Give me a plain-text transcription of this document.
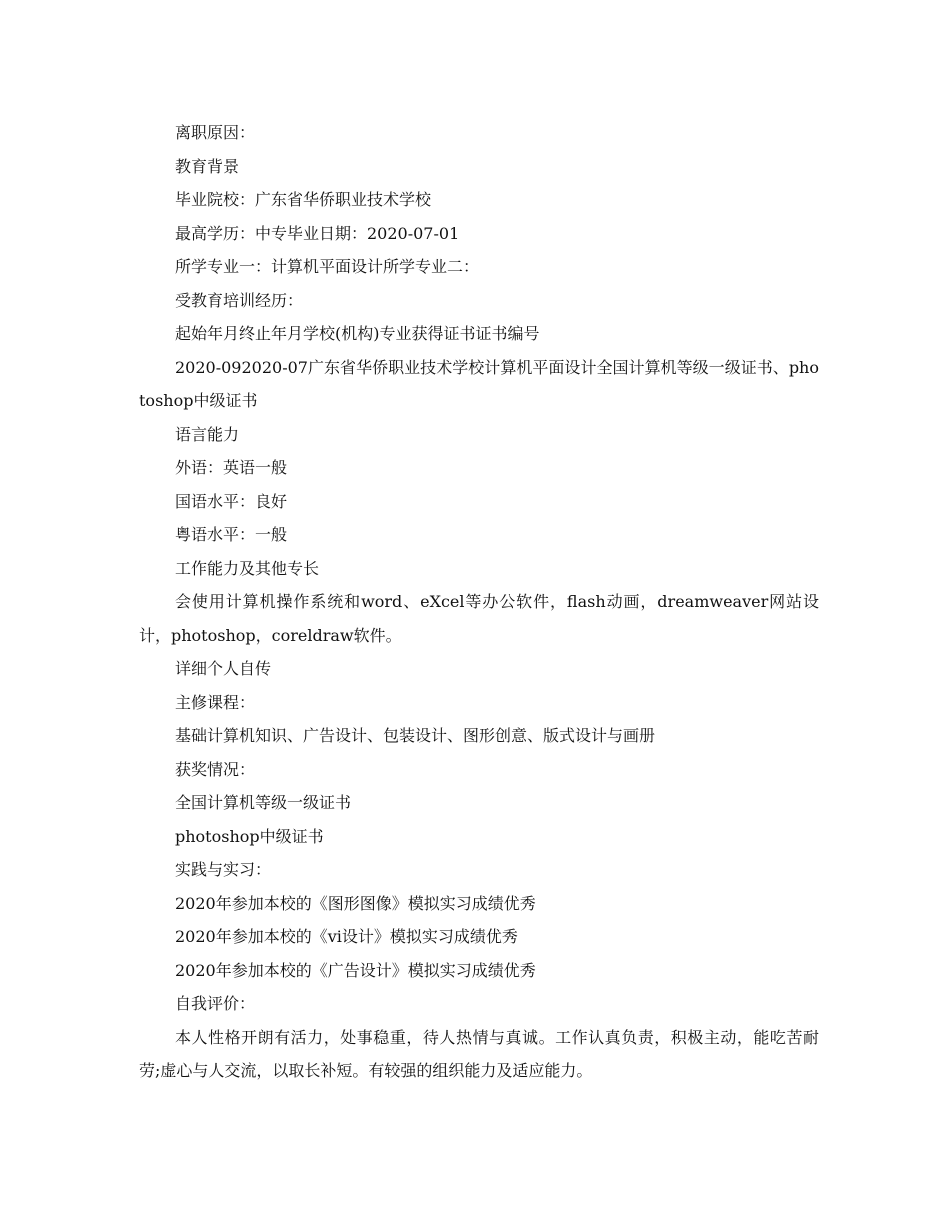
离职原因：

教育背景

毕业院校：广东省华侨职业技术学校

最高学历：中专毕业日期：2020-07-01

所学专业一：计算机平面设计所学专业二：

受教育培训经历：

起始年月终止年月学校(机构)专业获得证书证书编号

2020-092020-07广东省华侨职业技术学校计算机平面设计全国计算机等级一级证书、photoshop中级证书

语言能力

外语：英语一般

国语水平：良好

粤语水平：一般

工作能力及其他专长

会使用计算机操作系统和word、eXcel等办公软件，flash动画，dreamweaver网站设计，photoshop，coreldraw软件。

详细个人自传

主修课程：

基础计算机知识、广告设计、包装设计、图形创意、版式设计与画册

获奖情况：

全国计算机等级一级证书

photoshop中级证书

实践与实习：

2020年参加本校的《图形图像》模拟实习成绩优秀

2020年参加本校的《vi设计》模拟实习成绩优秀

2020年参加本校的《广告设计》模拟实习成绩优秀

自我评价：

本人性格开朗有活力，处事稳重，待人热情与真诚。工作认真负责，积极主动，能吃苦耐劳;虚心与人交流，以取长补短。有较强的组织能力及适应能力。
